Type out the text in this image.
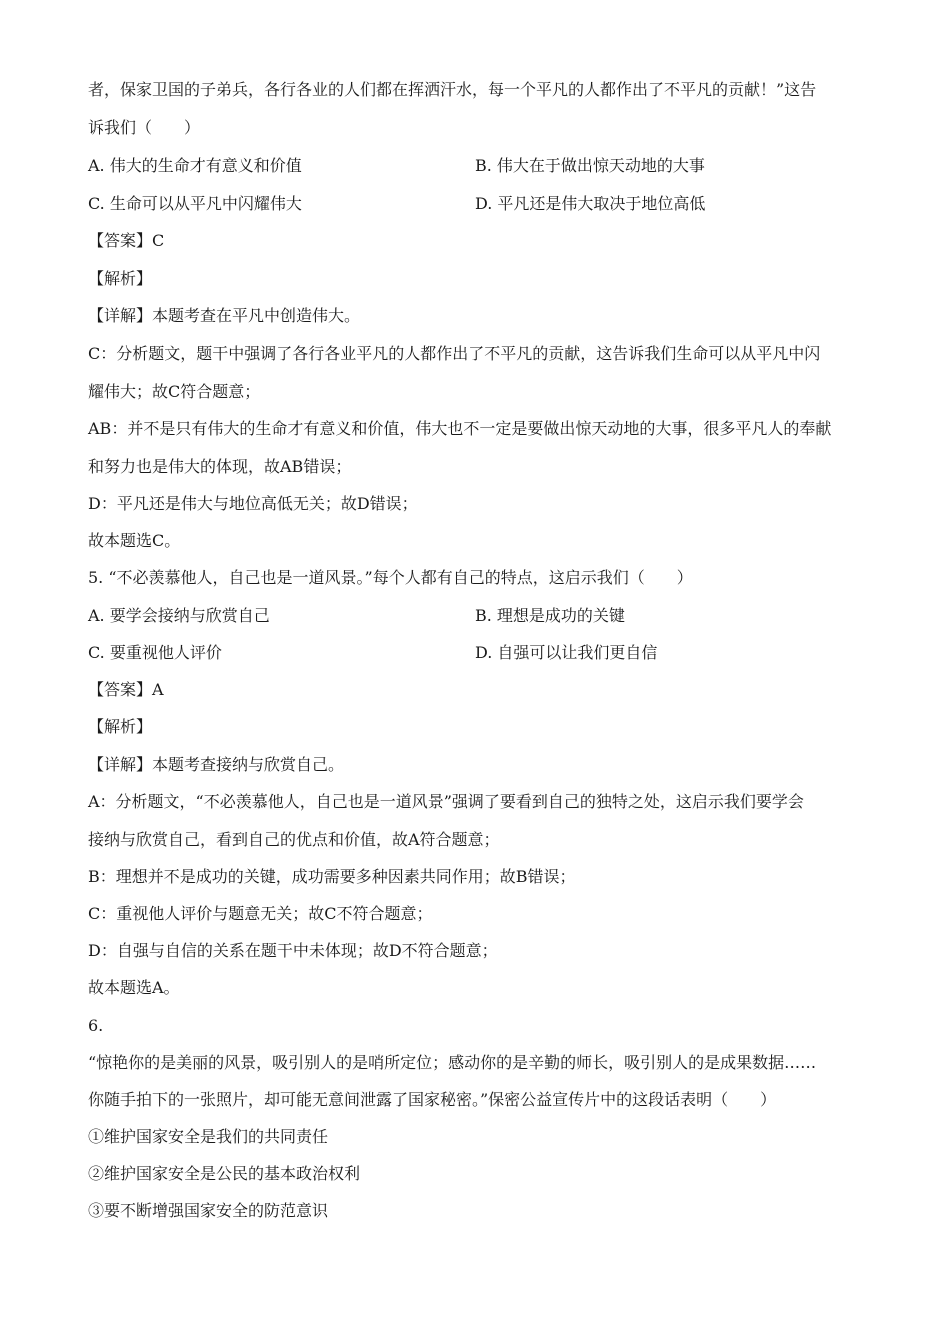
者，保家卫国的子弟兵，各行各业的人们都在挥洒汗水，每一个平凡的人都作出了不平凡的贡献！”这告
诉我们（　　）
A. 伟大的生命才有意义和价值	B. 伟大在于做出惊天动地的大事
C. 生命可以从平凡中闪耀伟大	D. 平凡还是伟大取决于地位高低
【答案】C
【解析】
【详解】本题考查在平凡中创造伟大。
C：分析题文，题干中强调了各行各业平凡的人都作出了不平凡的贡献，这告诉我们生命可以从平凡中闪
耀伟大；故C符合题意；
AB：并不是只有伟大的生命才有意义和价值，伟大也不一定是要做出惊天动地的大事，很多平凡人的奉献
和努力也是伟大的体现，故AB错误；
D：平凡还是伟大与地位高低无关；故D错误；
故本题选C。
5. “不必羡慕他人，自己也是一道风景。”每个人都有自己的特点，这启示我们（　　）
A. 要学会接纳与欣赏自己	B. 理想是成功的关键
C. 要重视他人评价	D. 自强可以让我们更自信
【答案】A
【解析】
【详解】本题考查接纳与欣赏自己。
A：分析题文，“不必羡慕他人，自己也是一道风景”强调了要看到自己的独特之处，这启示我们要学会
接纳与欣赏自己，看到自己的优点和价值，故A符合题意；
B：理想并不是成功的关键，成功需要多种因素共同作用；故B错误；
C：重视他人评价与题意无关；故C不符合题意；
D：自强与自信的关系在题干中未体现；故D不符合题意；
故本题选A。
6.
“惊艳你的是美丽的风景，吸引别人的是哨所定位；感动你的是辛勤的师长，吸引别人的是成果数据……
你随手拍下的一张照片，却可能无意间泄露了国家秘密。”保密公益宣传片中的这段话表明（　　）
①维护国家安全是我们的共同责任
②维护国家安全是公民的基本政治权利
③要不断增强国家安全的防范意识
